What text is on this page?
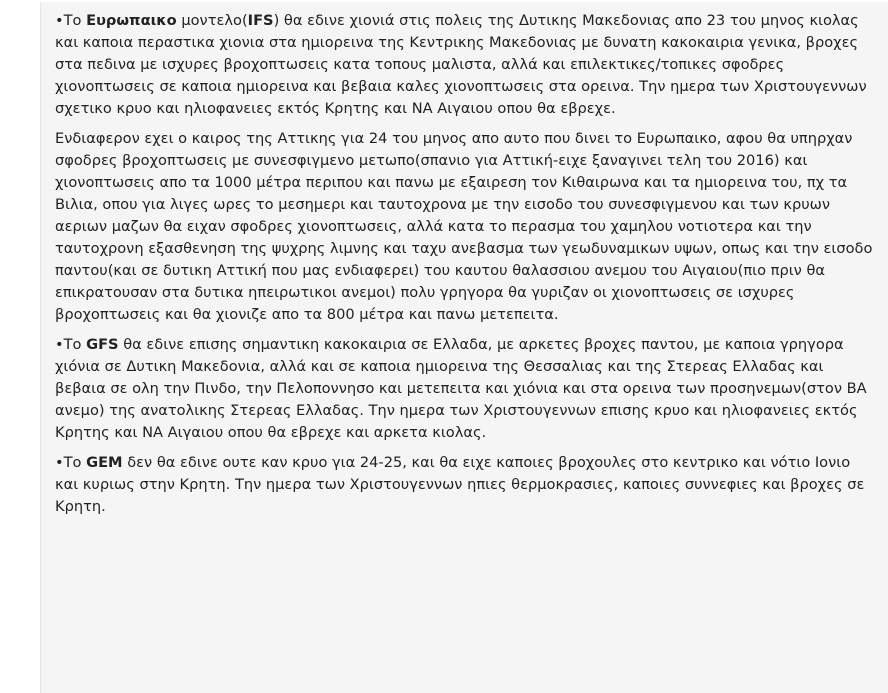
•Το Ευρωπαικο μοντελο(IFS) θα εδινε χιονιά στις πολεις της Δυτικης Μακεδονιας απο 23 του μηνος κιολας και καποια περαστικα χιονια στα ημιορεινα της Κεντρικης Μακεδονιας με δυνατη κακοκαιρια γενικα, βροχες στα πεδινα με ισχυρες βροχοπτωσεις κατα τοπους μαλιστα, αλλά και επιλεκτικες/τοπικες σφοδρες χιονοπτωσεις σε καποια ημιορεινα και βεβαια καλες χιονοπτωσεις στα ορεινα. Την ημερα των Χριστουγεννων σχετικο κρυο και ηλιοφανειες εκτός Κρητης και ΝΑ Αιγαιου οπου θα εβρεχε.

Ενδιαφερον εχει ο καιρος της Αττικης για 24 του μηνος απο αυτο που δινει το Ευρωπαικο, αφου θα υπηρχαν σφοδρες βροχοπτωσεις με συνεσφιγμενο μετωπο(σπανιο για Αττική-ειχε ξαναγινει τελη του 2016) και χιονοπτωσεις απο τα 1000 μέτρα περιπου και πανω με εξαιρεση τον Κιθαιρωνα και τα ημιορεινα του, πχ τα Βιλια, οπου για λιγες ωρες το μεσημερι και ταυτοχρονα με την εισοδο του συνεσφιγμενου και των κρυων αεριων μαζων θα ειχαν σφοδρες χιονοπτωσεις, αλλά κατα το περασμα του χαμηλου νοτιοτερα και την ταυτοχρονη εξασθενηση της ψυχρης λιμνης και ταχυ ανεβασμα των γεωδυναμικων υψων, οπως και την εισοδο παντου(και σε δυτικη Αττική που μας ενδιαφερει) του καυτου θαλασσιου ανεμου του Αιγαιου(πιο πριν θα επικρατουσαν στα δυτικα ηπειρωτικοι ανεμοι) πολυ γρηγορα θα γυριζαν οι χιονοπτωσεις σε ισχυρες βροχοπτωσεις και θα χιονιζε απο τα 800 μέτρα και πανω μετεπειτα.

•Το GFS θα εδινε επισης σημαντικη κακοκαιρια σε Ελλαδα, με αρκετες βροχες παντου, με καποια γρηγορα χιόνια σε Δυτικη Μακεδονια, αλλά και σε καποια ημιορεινα της Θεσσαλιας και της Στερεας Ελλαδας και βεβαια σε ολη την Πινδο, την Πελοποννησο και μετεπειτα και χιόνια και στα ορεινα των προσηνεμων(στον ΒΑ ανεμο) της ανατολικης Στερεας Ελλαδας. Την ημερα των Χριστουγεννων επισης κρυο και ηλιοφανειες εκτός Κρητης και ΝΑ Αιγαιου οπου θα εβρεχε και αρκετα κιολας.

•Το GEM δεν θα εδινε ουτε καν κρυο για 24-25, και θα ειχε καποιες βροχουλες στο κεντρικο και νότιο Ιονιο και κυριως στην Κρητη. Την ημερα των Χριστουγεννων ηπιες θερμοκρασιες, καποιες συννεφιες και βροχες σε Κρητη.
